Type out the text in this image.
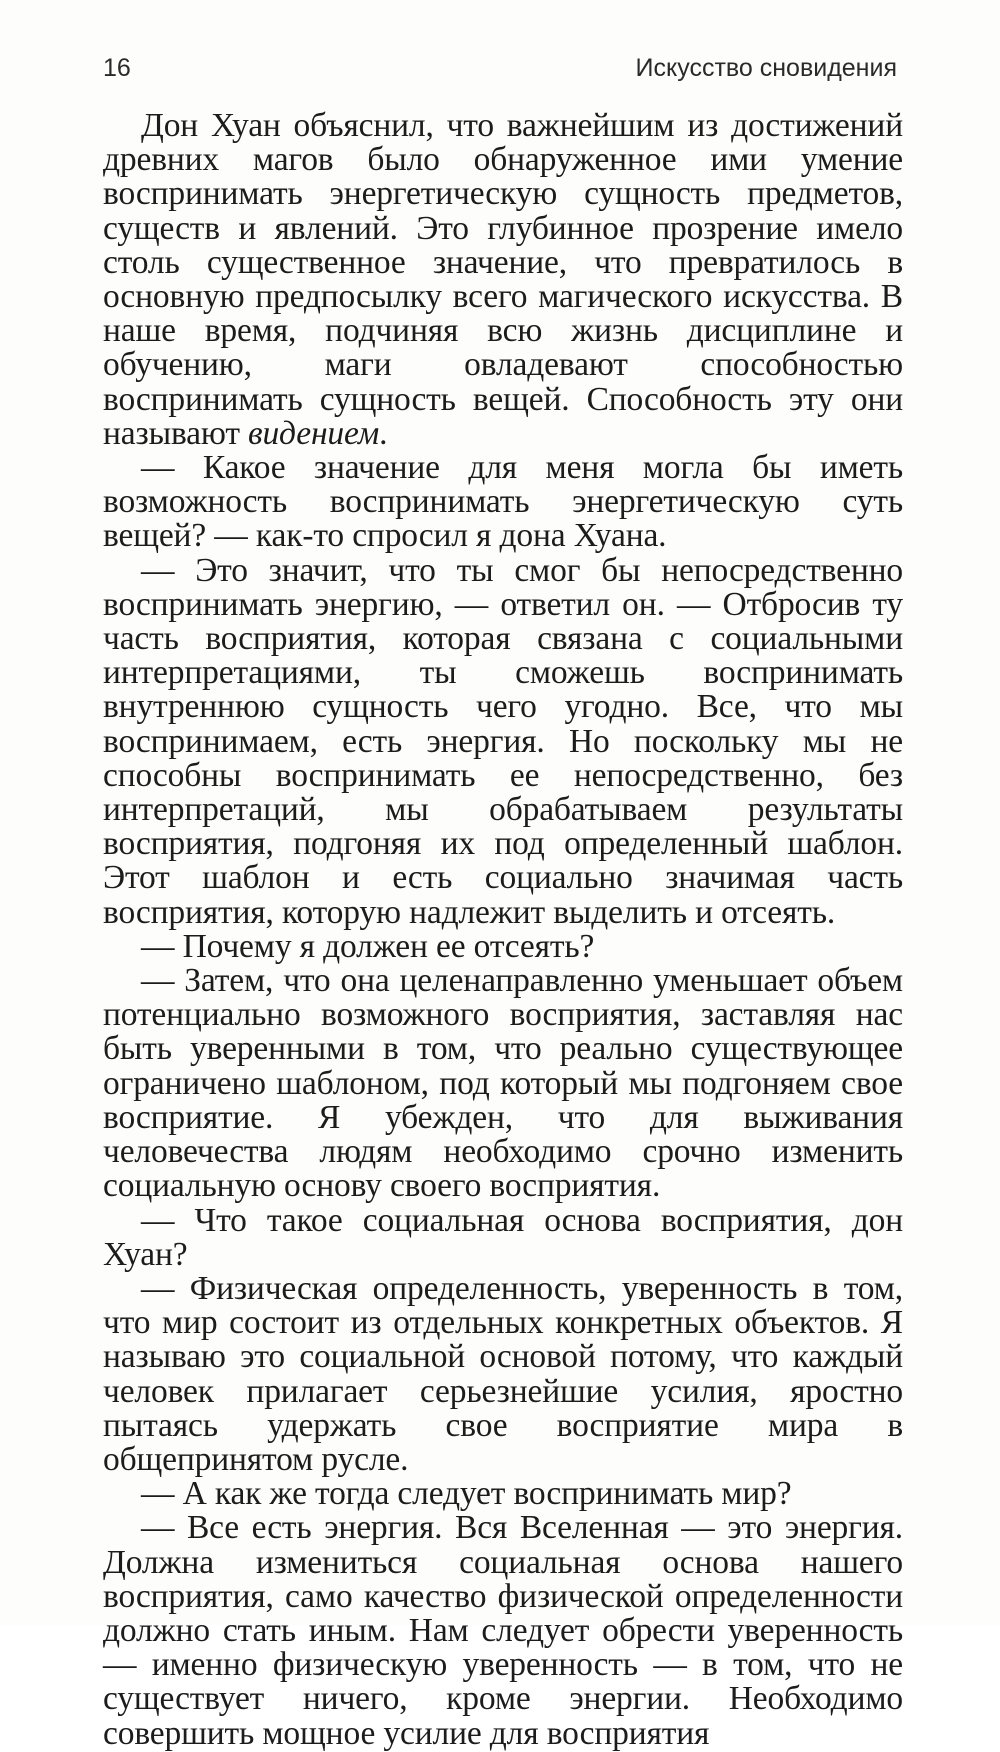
16	Искусство сновидения

Дон Хуан объяснил, что важнейшим из достижений древних магов было обнаруженное ими умение воспринимать энергетическую сущность предметов, существ и явлений. Это глубинное прозрение имело столь существенное значение, что превратилось в основную предпосылку всего магического искусства. В наше время, подчиняя всю жизнь дисциплине и обучению, маги овладевают способностью воспринимать сущность вещей. Способность эту они называют видением.

— Какое значение для меня могла бы иметь возможность воспринимать энергетическую суть вещей? — как-то спросил я дона Хуана.

— Это значит, что ты смог бы непосредственно воспринимать энергию, — ответил он. — Отбросив ту часть восприятия, которая связана с социальными интерпретациями, ты сможешь воспринимать внутреннюю сущность чего угодно. Все, что мы воспринимаем, есть энергия. Но поскольку мы не способны воспринимать ее непосредственно, без интерпретаций, мы обрабатываем результаты восприятия, подгоняя их под определенный шаблон. Этот шаблон и есть социально значимая часть восприятия, которую надлежит выделить и отсеять.

— Почему я должен ее отсеять?

— Затем, что она целенаправленно уменьшает объем потенциально возможного восприятия, заставляя нас быть уверенными в том, что реально существующее ограничено шаблоном, под который мы подгоняем свое восприятие. Я убежден, что для выживания человечества людям необходимо срочно изменить социальную основу своего восприятия.

— Что такое социальная основа восприятия, дон Хуан?

— Физическая определенность, уверенность в том, что мир состоит из отдельных конкретных объектов. Я называю это социальной основой потому, что каждый человек прилагает серьезнейшие усилия, яростно пытаясь удержать свое восприятие мира в общепринятом русле.

— А как же тогда следует воспринимать мир?

— Все есть энергия. Вся Вселенная — это энергия. Должна измениться социальная основа нашего восприятия, само качество физической определенности должно стать иным. Нам следует обрести уверенность — именно физическую уверенность — в том, что не существует ничего, кроме энергии. Необходимо совершить мощное усилие для восприятия
